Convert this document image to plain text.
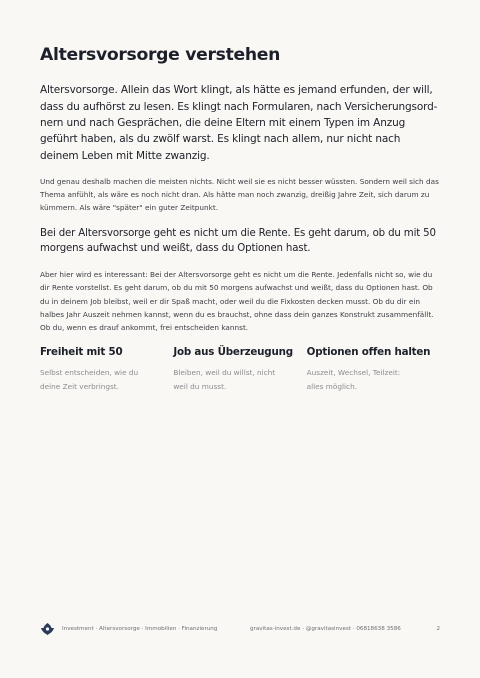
Altersvorsorge verstehen

Altersvorsorge. Allein das Wort klingt, als hätte es jemand erfunden, der will, dass du aufhörst zu lesen. Es klingt nach Formularen, nach Versicherungsord-nern und nach Gesprächen, die deine Eltern mit einem Typen im Anzug geführt haben, als du zwölf warst. Es klingt nach allem, nur nicht nach deinem Leben mit Mitte zwanzig.

Und genau deshalb machen die meisten nichts. Nicht weil sie es nicht besser wüssten. Sondern weil sich das Thema anfühlt, als wäre es noch nicht dran. Als hätte man noch zwanzig, dreißig Jahre Zeit, sich darum zu kümmern. Als wäre "später" ein guter Zeitpunkt.

Bei der Altersvorsorge geht es nicht um die Rente. Es geht darum, ob du mit 50 morgens aufwachst und weißt, dass du Optionen hast.

Aber hier wird es interessant: Bei der Altersvorsorge geht es nicht um die Rente. Jedenfalls nicht so, wie du dir Rente vorstellst. Es geht darum, ob du mit 50 morgens aufwachst und weißt, dass du Optionen hast. Ob du in deinem Job bleibst, weil er dir Spaß macht, oder weil du die Fixkosten decken musst. Ob du dir ein halbes Jahr Auszeit nehmen kannst, wenn du es brauchst, ohne dass dein ganzes Konstrukt zusammenfällt. Ob du, wenn es drauf ankommt, frei entscheiden kannst.

Freiheit mit 50

Selbst entscheiden, wie du deine Zeit verbringst.

Job aus Überzeugung

Bleiben, weil du willst, nicht weil du musst.

Optionen offen halten

Auszeit, Wechsel, Teilzeit: alles möglich.

Investment · Altersvorsorge · Immobilien · Finanzierung	gravitas-invest.de · @gravitasinvest · 06818638 3586	2
